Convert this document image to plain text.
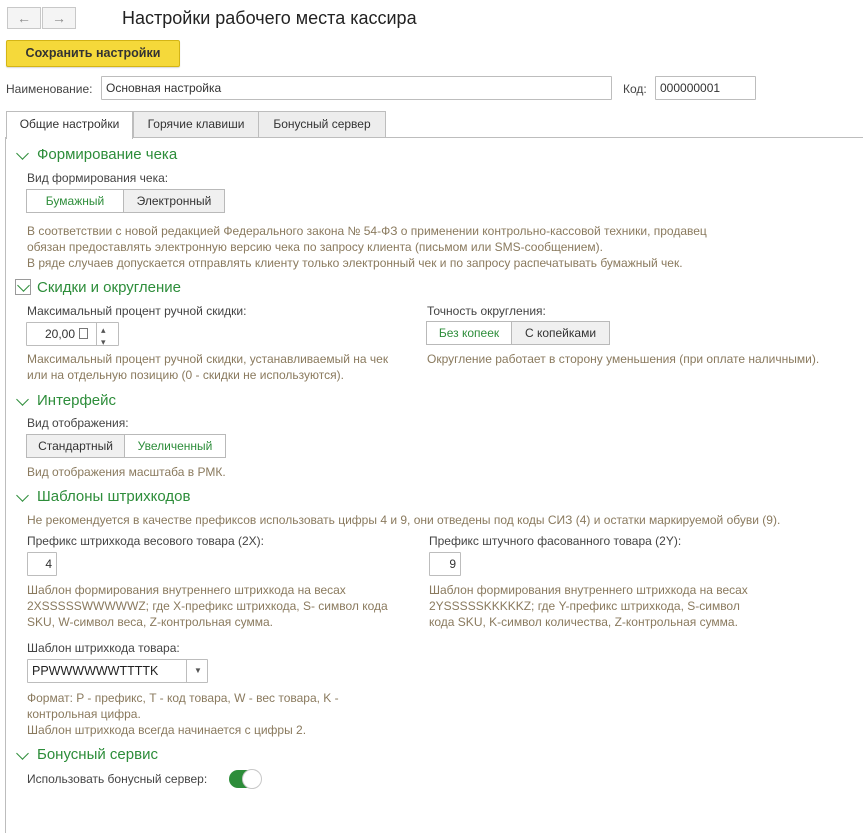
←	→	Настройки рабочего места кассира
Сохранить настройки
Наименование:	Основная настройка	Код:	000000001
Общие настройки	Горячие клавиши	Бонусный сервер
Формирование чека
Вид формирования чека:
Бумажный	Электронный
В соответствии с новой редакцией Федерального закона № 54-ФЗ о применении контрольно-кассовой техники, продавец
обязан предоставлять электронную версию чека по запросу клиента (письмом или SMS-сообщением).
В ряде случаев допускается отправлять клиенту только электронный чек и по запросу распечатывать бумажный чек.
Скидки и округление
Максимальный процент ручной скидки:
20,00	▴
▾
Максимальный процент ручной скидки, устанавливаемый на чек
или на отдельную позицию (0 - скидки не используются).
Точность округления:
Без копеек	С копейками
Округление работает в сторону уменьшения (при оплате наличными).
Интерфейс
Вид отображения:
Стандартный	Увеличенный
Вид отображения масштаба в РМК.
Шаблоны штрихкодов
Не рекомендуется в качестве префиксов использовать цифры 4 и 9, они отведены под коды СИЗ (4) и остатки маркируемой обуви (9).
Префикс штрихкода весового товара (2X):
4
Шаблон формирования внутреннего штрихкода на весах
2XSSSSSWWWWWZ; где X-префикс штрихкода, S- символ кода
SKU, W-символ веса, Z-контрольная сумма.
Префикс штучного фасованного товара (2Y):
9
Шаблон формирования внутреннего штрихкода на весах
2YSSSSSKKKKKZ; где Y-префикс штрихкода, S-символ
кода SKU, K-символ количества, Z-контрольная сумма.
Шаблон штрихкода товара:
PPWWWWWWTTTTK	▼
Формат: P - префикс, T - код товара, W - вес товара, K -
контрольная цифра.
Шаблон штрихкода всегда начинается с цифры 2.
Бонусный сервис
Использовать бонусный сервер:
